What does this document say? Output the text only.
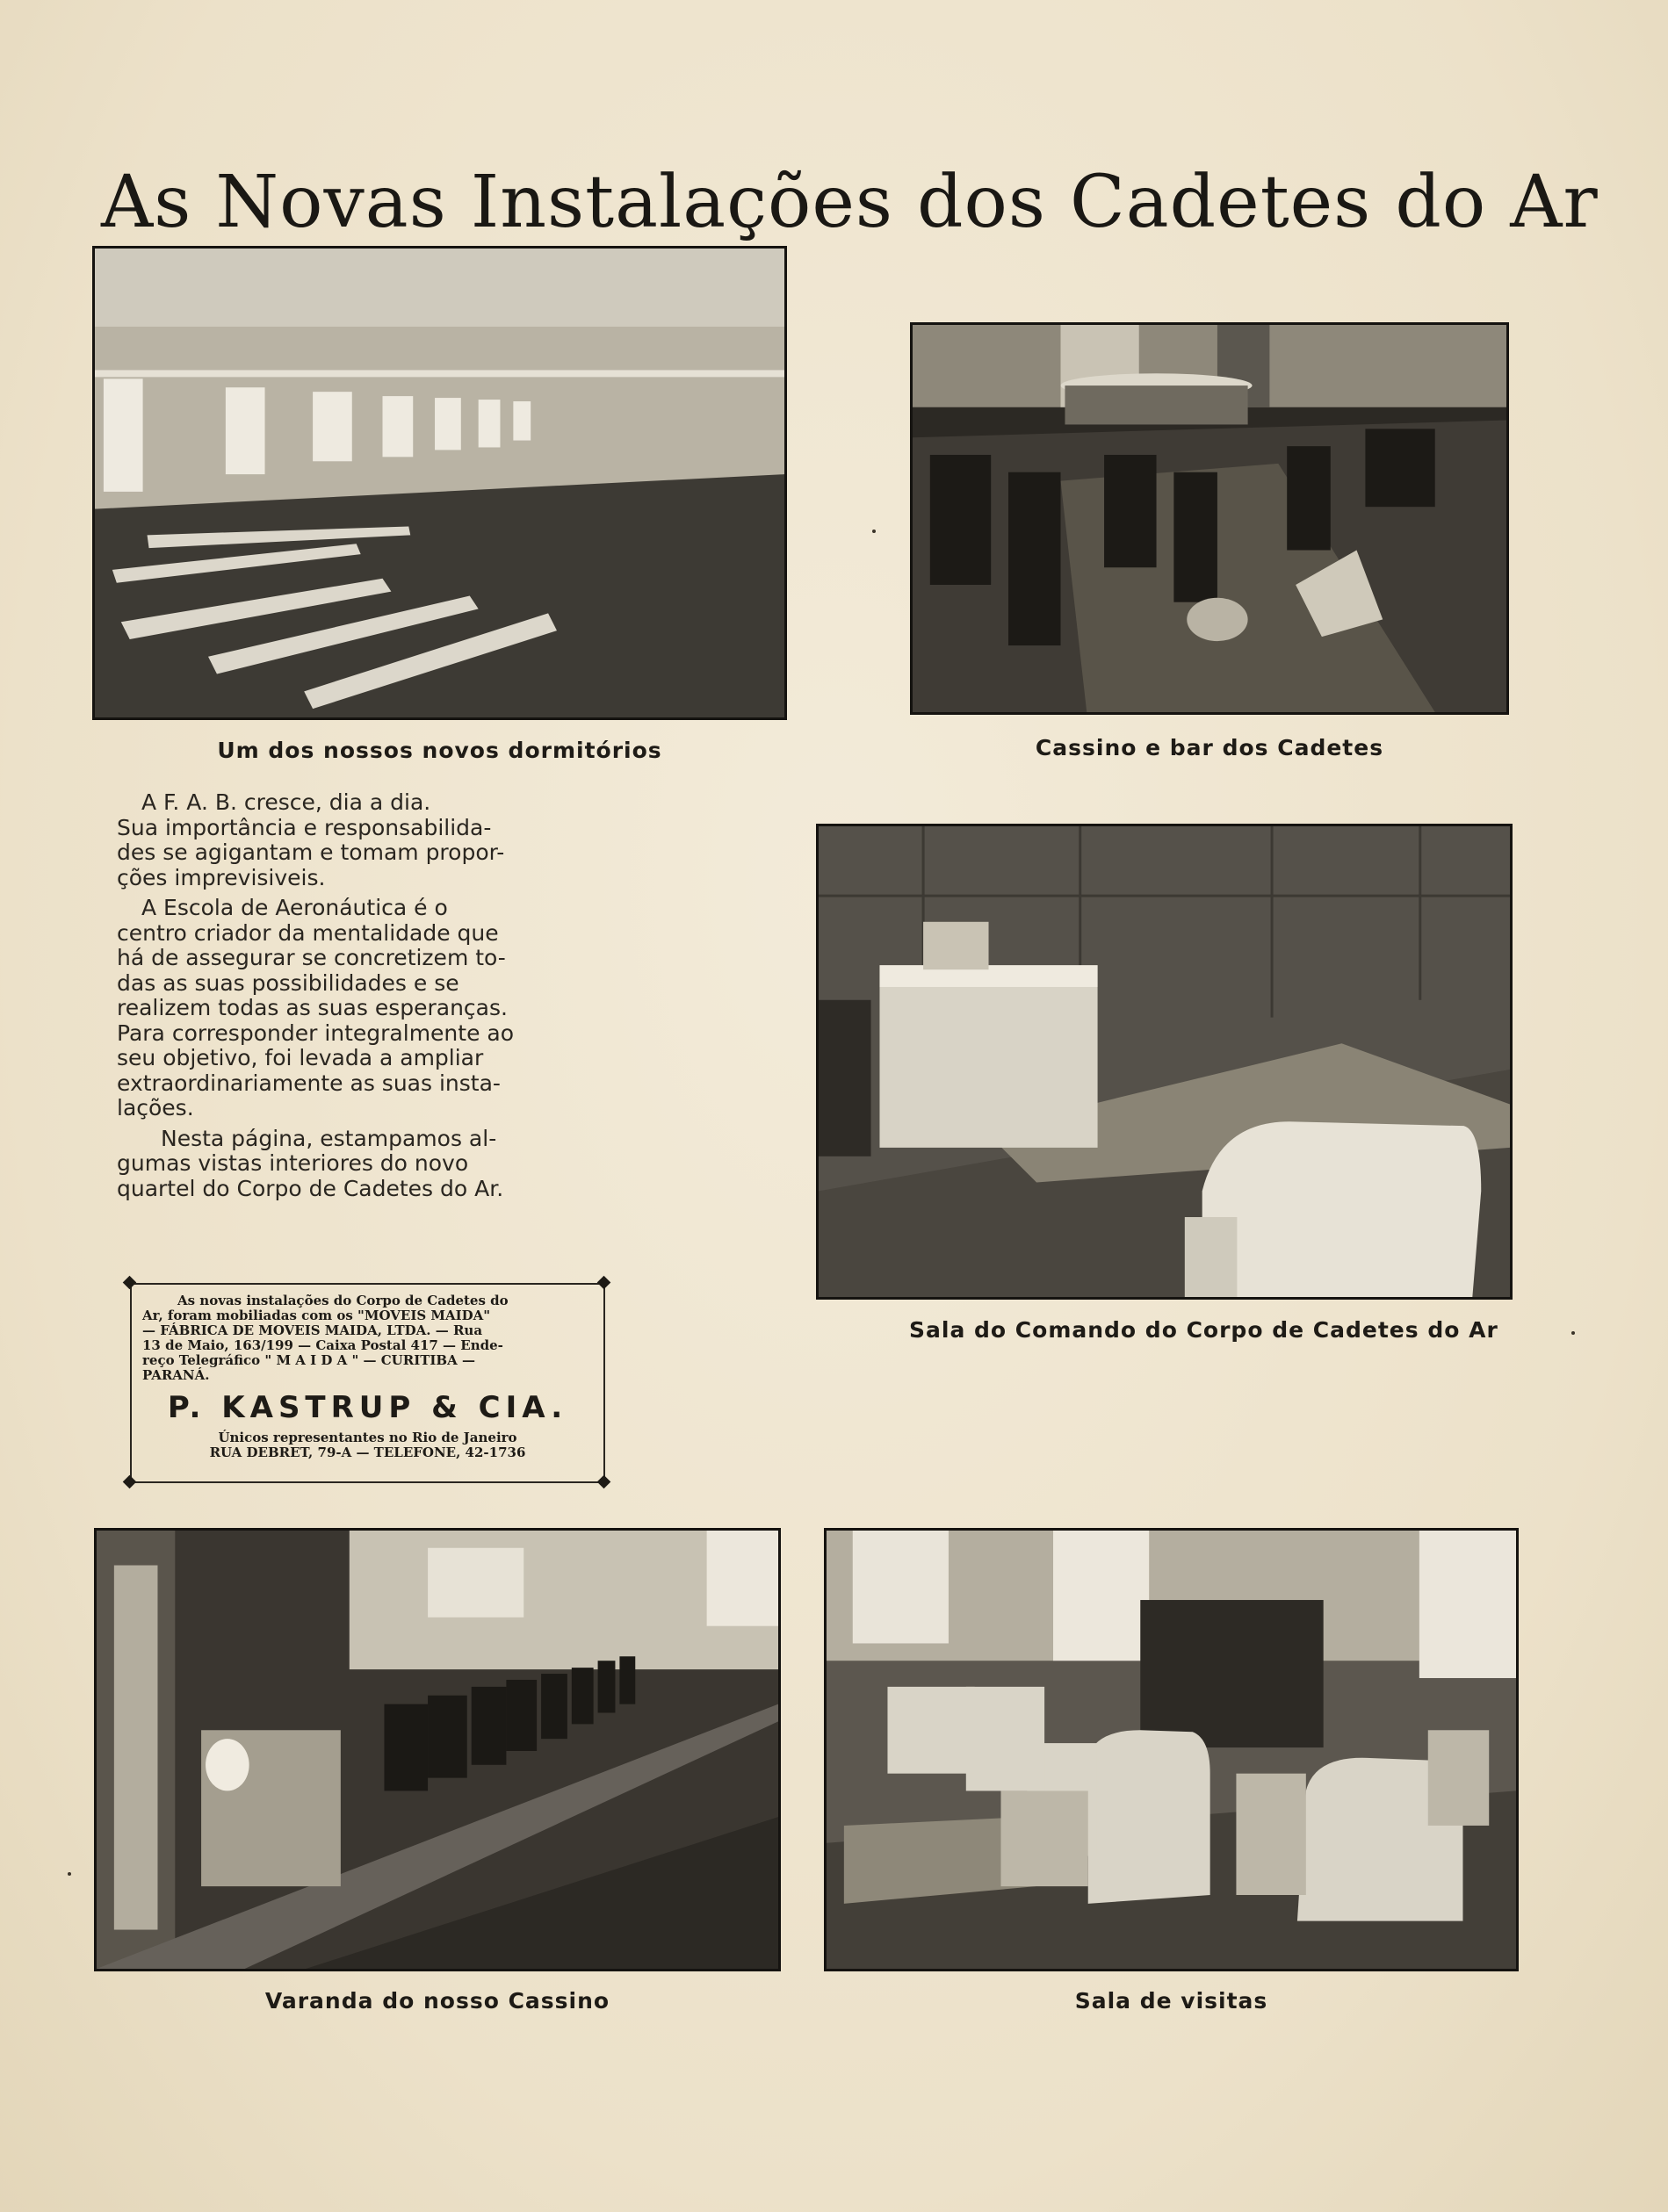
As Novas Instalações dos Cadetes do Ar
Um dos nossos novos dormitórios	Cassino e bar dos Cadetes
Sala do Comando do Corpo de Cadetes do Ar
Varanda do nosso Cassino	Sala de visitas

A F. A. B. cresce, dia a dia.
Sua importância e responsabilida-
des se agigantam e tomam propor-
ções imprevisiveis.

A Escola de Aeronáutica é o
centro criador da mentalidade que
há de assegurar se concretizem to-
das as suas possibilidades e se
realizem todas as suas esperanças.
Para corresponder integralmente ao
seu objetivo, foi levada a ampliar
extraordinariamente as suas insta-
lações.

Nesta página, estampamos al-
gumas vistas interiores do novo
quartel do Corpo de Cadetes do Ar.

As novas instalações do Corpo de Cadetes do
Ar, foram mobiliadas com os "MOVEIS MAIDA"
— FÁBRICA DE MOVEIS MAIDA, LTDA. — Rua
13 de Maio, 163/199 — Caixa Postal 417 — Ende-
reço Telegráfico " M A I D A " — CURITIBA —
PARANÁ.
P. KASTRUP & CIA.
Únicos representantes no Rio de Janeiro
RUA DEBRET, 79-A — TELEFONE, 42-1736
